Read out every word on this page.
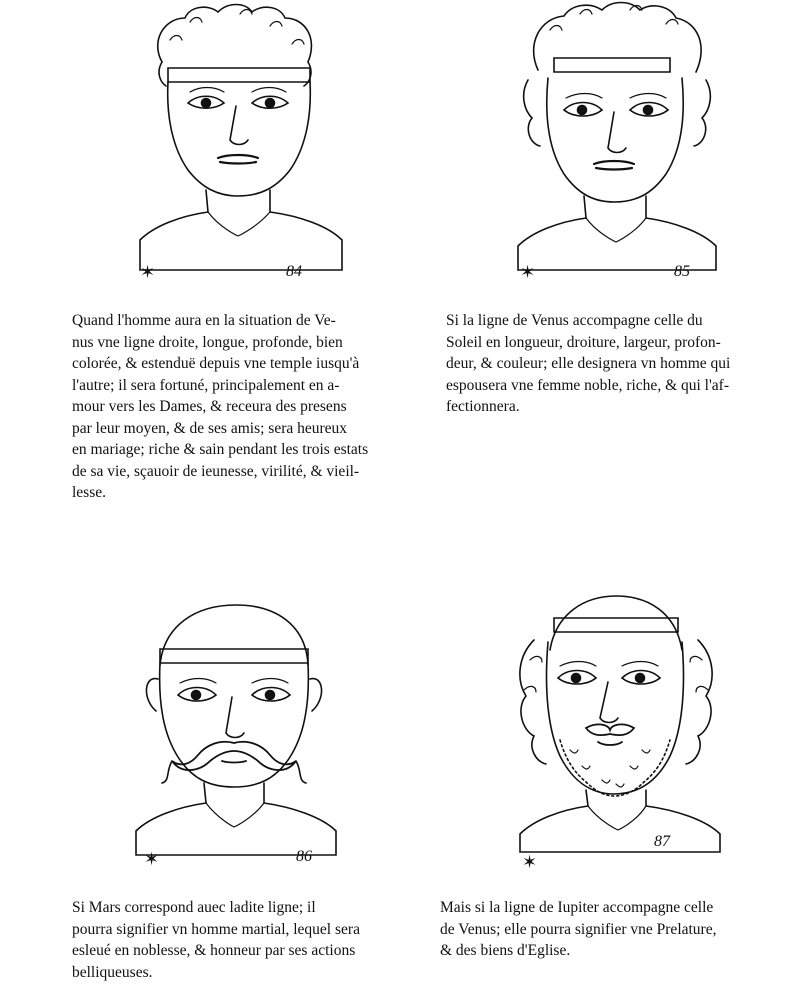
✶	84	✶	85
Quand l'homme aura en la situation de Ve-
nus vne ligne droite, longue, profonde, bien
colorée, & estenduë depuis vne temple iusqu'à
l'autre; il sera fortuné, principalement en a-
mour vers les Dames, & receura des presens
par leur moyen, & de ses amis; sera heureux
en mariage; riche & sain pendant les trois estats
de sa vie, sçauoir de ieunesse, virilité, & vieil-
lesse.
Si la ligne de Venus accompagne celle du
Soleil en longueur, droiture, largeur, profon-
deur, & couleur; elle designera vn homme qui
espousera vne femme noble, riche, & qui l'af-
fectionnera.
✶	86	✶
87
Si Mars correspond auec ladite ligne; il
pourra signifier vn homme martial, lequel sera
esleué en noblesse, & honneur par ses actions
belliqueuses.
Mais si la ligne de Iupiter accompagne celle
de Venus; elle pourra signifier vne Prelature,
& des biens d'Eglise.
